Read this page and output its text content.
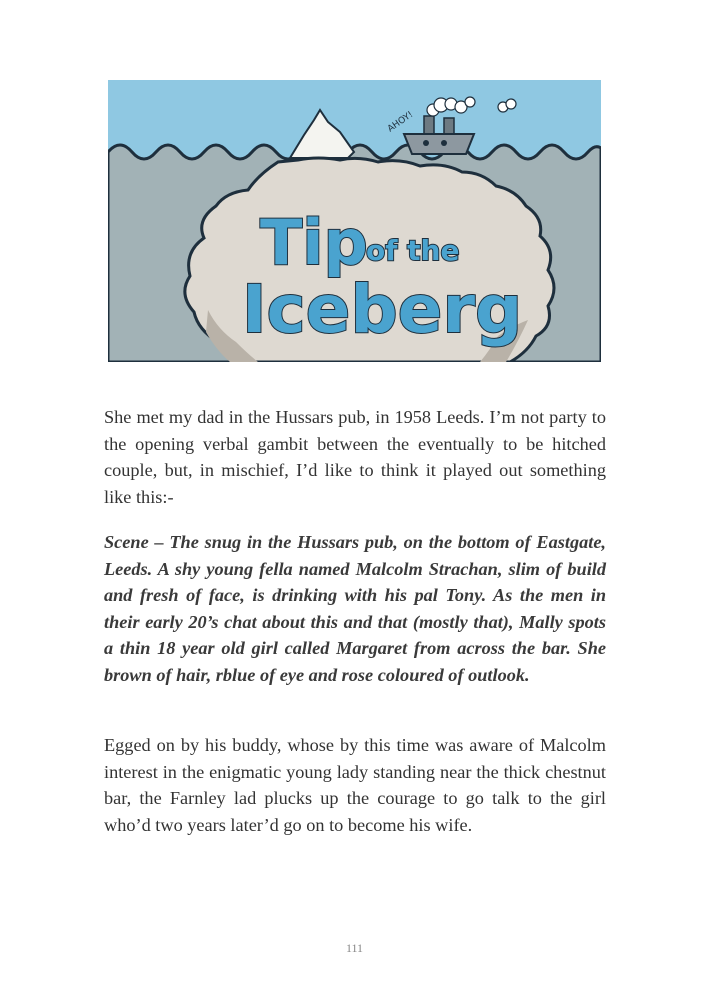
AHOY!
Tip
of the
Iceberg

She met my dad in the Hussars pub, in 1958 Leeds. I’m not party to the opening verbal gambit between the eventually to be hitched couple, but, in mischief, I’d like to think it played out something like this:-

Scene – The snug in the Hussars pub, on the bottom of Eastgate, Leeds. A shy young fella named Malcolm Strachan, slim of build and fresh of face, is drinking with his pal Tony. As the men in their early 20’s chat about this and that (mostly that), Mally spots a thin 18 year old girl called Margaret from across the bar. She brown of hair, rblue of eye and rose coloured of outlook.

Egged on by his buddy, whose by this time was aware of Malcolm interest in the enigmatic young lady standing near the thick chestnut bar, the Farnley lad plucks up the courage to go talk to the girl who’d two years later’d go on to become his wife.

111
